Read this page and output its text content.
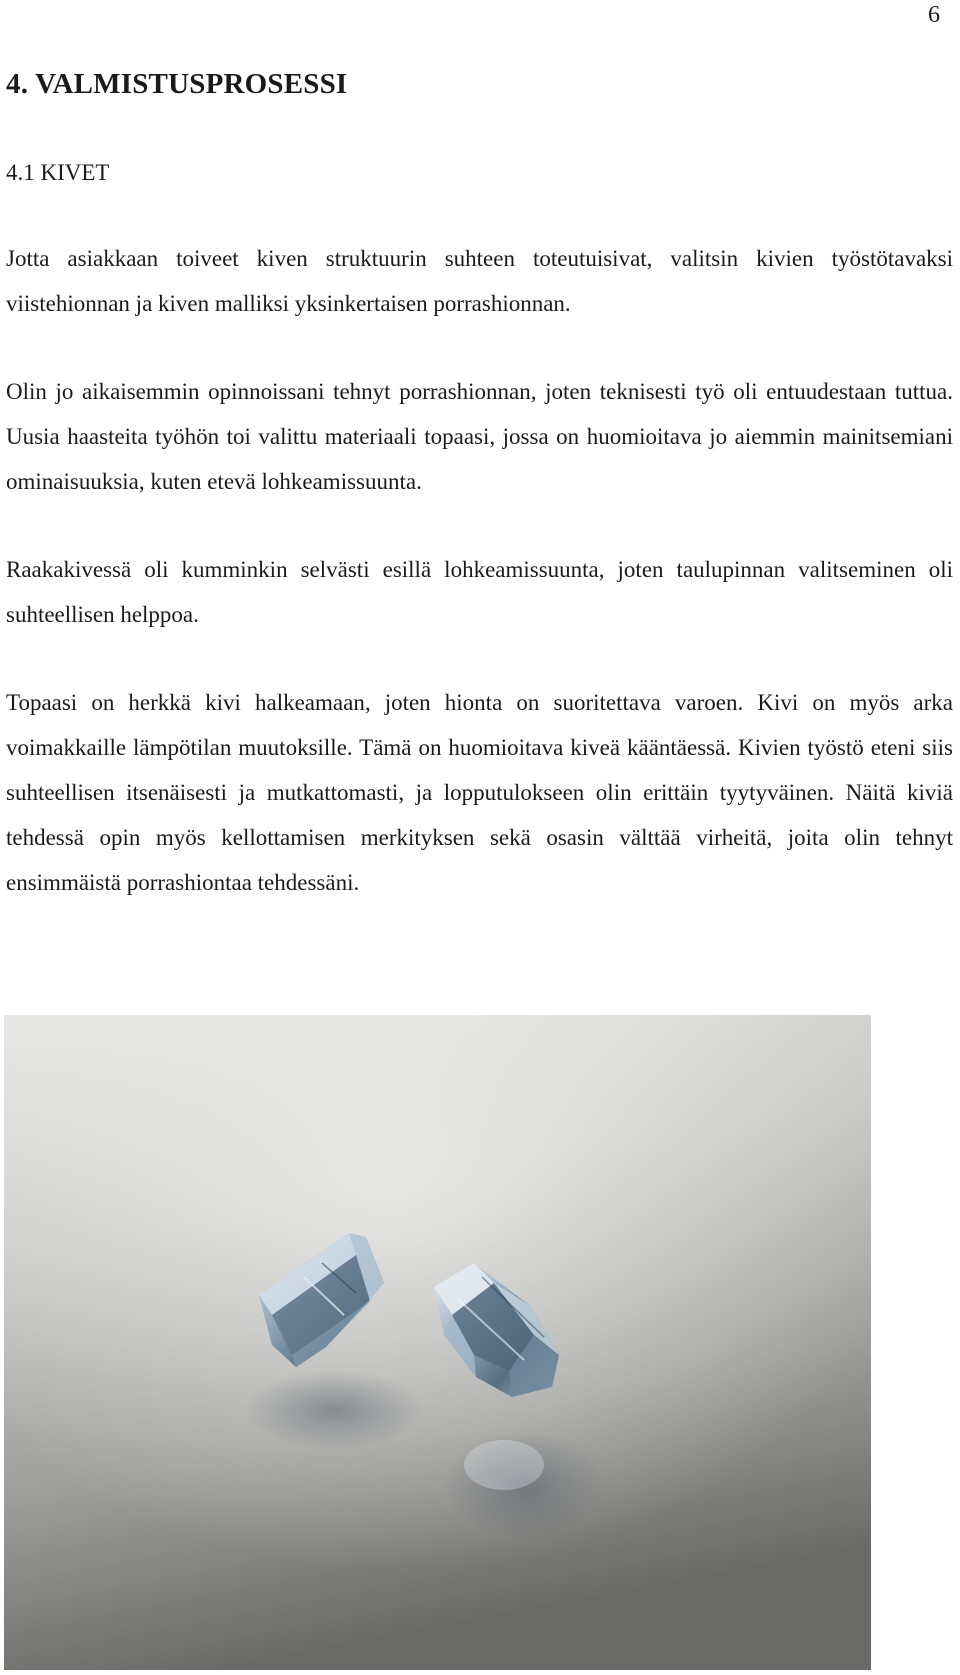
6
4. VALMISTUSPROSESSI
4.1 KIVET

Jotta asiakkaan toiveet kiven struktuurin suhteen toteutuisivat, valitsin kivien työstötavaksi viistehionnan ja kiven malliksi yksinkertaisen porrashionnan.

Olin jo aikaisemmin opinnoissani tehnyt porrashionnan, joten teknisesti työ oli entuudestaan tuttua. Uusia haasteita työhön toi valittu materiaali topaasi, jossa on huomioitava jo aiemmin mainitsemiani ominaisuuksia, kuten etevä lohkeamissuunta.

Raakakivessä oli kumminkin selvästi esillä lohkeamissuunta, joten taulupinnan valitseminen oli suhteellisen helppoa.

Topaasi on herkkä kivi halkeamaan, joten hionta on suoritettava varoen. Kivi on myös arka voimakkaille lämpötilan muutoksille. Tämä on huomioitava kiveä kääntäessä. Kivien työstö eteni siis suhteellisen itsenäisesti ja mutkattomasti, ja lopputulokseen olin erittäin tyytyväinen. Näitä kiviä tehdessä opin myös kellottamisen merkityksen sekä osasin välttää virheitä, joita olin tehnyt ensimmäistä porrashiontaa tehdessäni.
